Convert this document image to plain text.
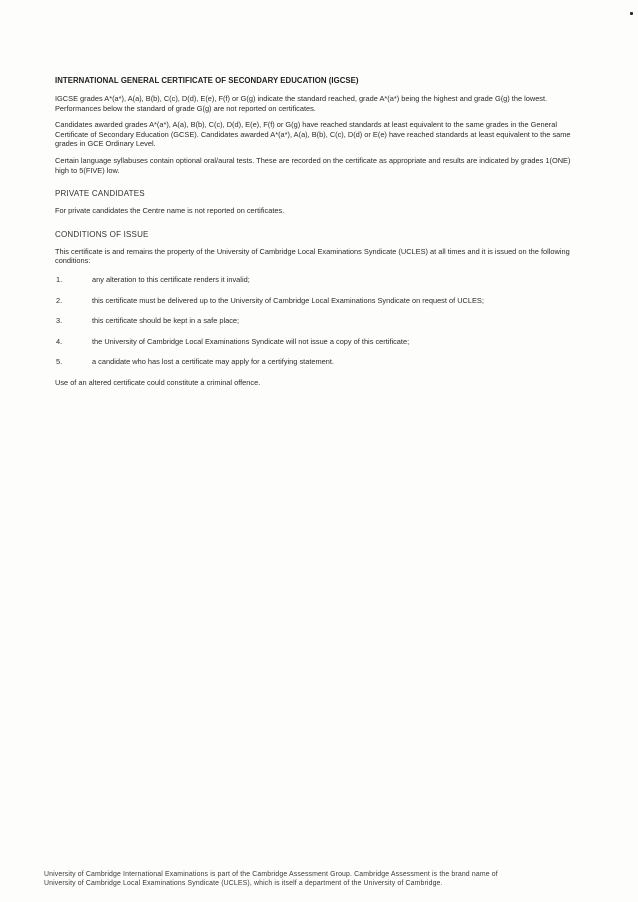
INTERNATIONAL GENERAL CERTIFICATE OF SECONDARY EDUCATION (IGCSE)

IGCSE grades A*(a*), A(a), B(b), C(c), D(d), E(e), F(f) or G(g) indicate the standard reached, grade A*(a*) being the highest and grade G(g) the lowest. Performances below the standard of grade G(g) are not reported on certificates.

Candidates awarded grades A*(a*), A(a), B(b), C(c), D(d), E(e), F(f) or G(g) have reached standards at least equivalent to the same grades in the General Certificate of Secondary Education (GCSE). Candidates awarded A*(a*), A(a), B(b), C(c), D(d) or E(e) have reached standards at least equivalent to the same grades in GCE Ordinary Level.

Certain language syllabuses contain optional oral/aural tests. These are recorded on the certificate as appropriate and results are indicated by grades 1(ONE) high to 5(FIVE) low.

PRIVATE CANDIDATES

For private candidates the Centre name is not reported on certificates.

CONDITIONS OF ISSUE

This certificate is and remains the property of the University of Cambridge Local Examinations Syndicate (UCLES) at all times and it is issued on the following conditions:

1.	any alteration to this certificate renders it invalid;
2.	this certificate must be delivered up to the University of Cambridge Local Examinations Syndicate on request of UCLES;
3.	this certificate should be kept in a safe place;
4.	the University of Cambridge Local Examinations Syndicate will not issue a copy of this certificate;
5.	a candidate who has lost a certificate may apply for a certifying statement.

Use of an altered certificate could constitute a criminal offence.

University of Cambridge International Examinations is part of the Cambridge Assessment Group. Cambridge Assessment is the brand name of
University of Cambridge Local Examinations Syndicate (UCLES), which is itself a department of the University of Cambridge.
